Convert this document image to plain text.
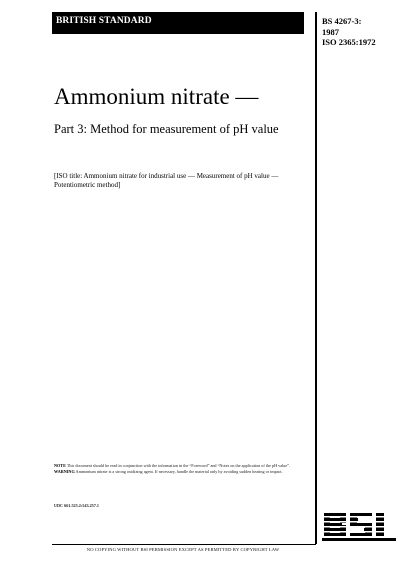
BRITISH STANDARD	BS 4267-3:
1987
ISO 2365:1972
Ammonium nitrate —
Part 3: Method for measurement of pH value
[ISO title: Ammonium nitrate for industrial use — Measurement of pH value — Potentiometric method]
NOTE This document should be read in conjunction with the information in the “Foreword” and “Notes on the application of the pH value”.
WARNING Ammonium nitrate is a strong oxidizing agent. If necessary, handle the material only by avoiding sudden heating or impact.
UDC 661.525.2:543.257.1
NO COPYING WITHOUT BSI PERMISSION EXCEPT AS PERMITTED BY COPYRIGHT LAW
